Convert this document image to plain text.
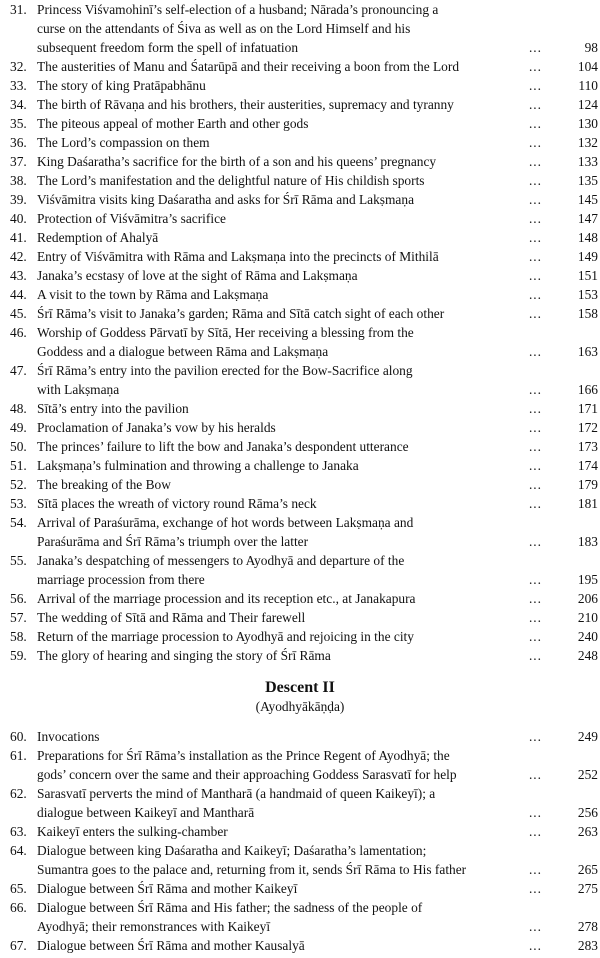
31. Princess Viśvamohinī’s self-election of a husband; Nārada’s pronouncing a
curse on the attendants of Śiva as well as on the Lord Himself and his
subsequent freedom form the spell of infatuation	...	98
32. The austerities of Manu and Śatarūpā and their receiving a boon from the Lord	...	104
33. The story of king Pratāpabhānu	...	110
34. The birth of Rāvaṇa and his brothers, their austerities, supremacy and tyranny	...	124
35. The piteous appeal of mother Earth and other gods	...	130
36. The Lord’s compassion on them	...	132
37. King Daśaratha’s sacrifice for the birth of a son and his queens’ pregnancy	...	133
38. The Lord’s manifestation and the delightful nature of His childish sports	...	135
39. Viśvāmitra visits king Daśaratha and asks for Śrī Rāma and Lakṣmaṇa	...	145
40. Protection of Viśvāmitra’s sacrifice	...	147
41. Redemption of Ahalyā	...	148
42. Entry of Viśvāmitra with Rāma and Lakṣmaṇa into the precincts of Mithilā	...	149
43. Janaka’s ecstasy of love at the sight of Rāma and Lakṣmaṇa	...	151
44. A visit to the town by Rāma and Lakṣmaṇa	...	153
45. Śrī Rāma’s visit to Janaka’s garden; Rāma and Sītā catch sight of each other	...	158
46. Worship of Goddess Pārvatī by Sītā, Her receiving a blessing from the
Goddess and a dialogue between Rāma and Lakṣmaṇa	...	163
47. Śrī Rāma’s entry into the pavilion erected for the Bow-Sacrifice along
with Lakṣmaṇa	...	166
48. Sītā’s entry into the pavilion	...	171
49. Proclamation of Janaka’s vow by his heralds	...	172
50. The princes’ failure to lift the bow and Janaka’s despondent utterance	...	173
51. Lakṣmaṇa’s fulmination and throwing a challenge to Janaka	...	174
52. The breaking of the Bow	...	179
53. Sītā places the wreath of victory round Rāma’s neck	...	181
54. Arrival of Paraśurāma, exchange of hot words between Lakṣmaṇa and
Paraśurāma and Śrī Rāma’s triumph over the latter	...	183
55. Janaka’s despatching of messengers to Ayodhyā and departure of the
marriage procession from there	...	195
56. Arrival of the marriage procession and its reception etc., at Janakapura	...	206
57. The wedding of Sītā and Rāma and Their farewell	...	210
58. Return of the marriage procession to Ayodhyā and rejoicing in the city	...	240
59. The glory of hearing and singing the story of Śrī Rāma	...	248
Descent II
(Ayodhyākāṇḍa)
60. Invocations	...	249
61. Preparations for Śrī Rāma’s installation as the Prince Regent of Ayodhyā; the
gods’ concern over the same and their approaching Goddess Sarasvatī for help	...	252
62. Sarasvatī perverts the mind of Mantharā (a handmaid of queen Kaikeyī); a
dialogue between Kaikeyī and Mantharā	...	256
63. Kaikeyī enters the sulking-chamber	...	263
64. Dialogue between king Daśaratha and Kaikeyī; Daśaratha’s lamentation;
Sumantra goes to the palace and, returning from it, sends Śrī Rāma to His father	...	265
65. Dialogue between Śrī Rāma and mother Kaikeyī	...	275
66. Dialogue between Śrī Rāma and His father; the sadness of the people of
Ayodhyā; their remonstrances with Kaikeyī	...	278
67. Dialogue between Śrī Rāma and mother Kausalyā	...	283
